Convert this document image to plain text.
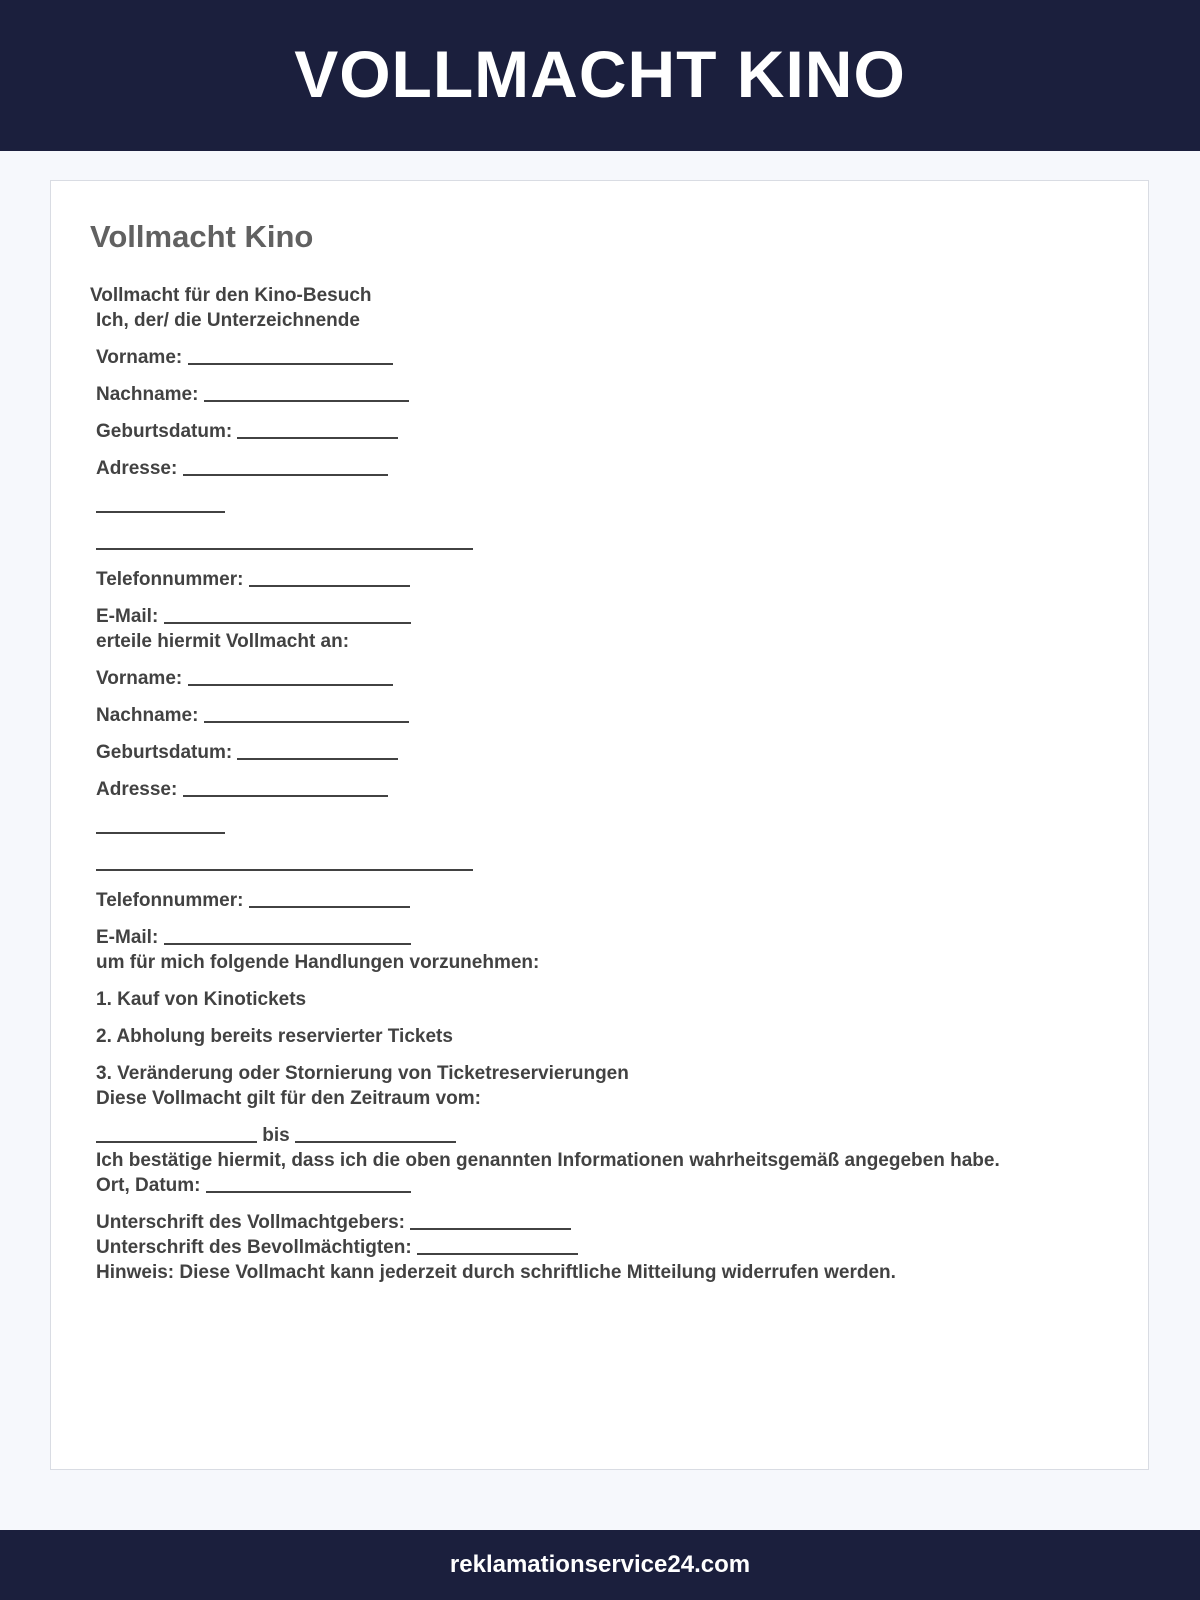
VOLLMACHT KINO
Vollmacht Kino
Vollmacht für den Kino-Besuch
Ich, der/ die Unterzeichnende
Vorname:
Nachname:
Geburtsdatum:
Adresse:
Telefonnummer:
E-Mail:
erteile hiermit Vollmacht an:
Vorname:
Nachname:
Geburtsdatum:
Adresse:
Telefonnummer:
E-Mail:
um für mich folgende Handlungen vorzunehmen:
1. Kauf von Kinotickets
2. Abholung bereits reservierter Tickets
3. Veränderung oder Stornierung von Ticketreservierungen
Diese Vollmacht gilt für den Zeitraum vom:
bis
Ich bestätige hiermit, dass ich die oben genannten Informationen wahrheitsgemäß angegeben habe.
Ort, Datum:
Unterschrift des Vollmachtgebers:
Unterschrift des Bevollmächtigten:
Hinweis: Diese Vollmacht kann jederzeit durch schriftliche Mitteilung widerrufen werden.
reklamationservice24.com
